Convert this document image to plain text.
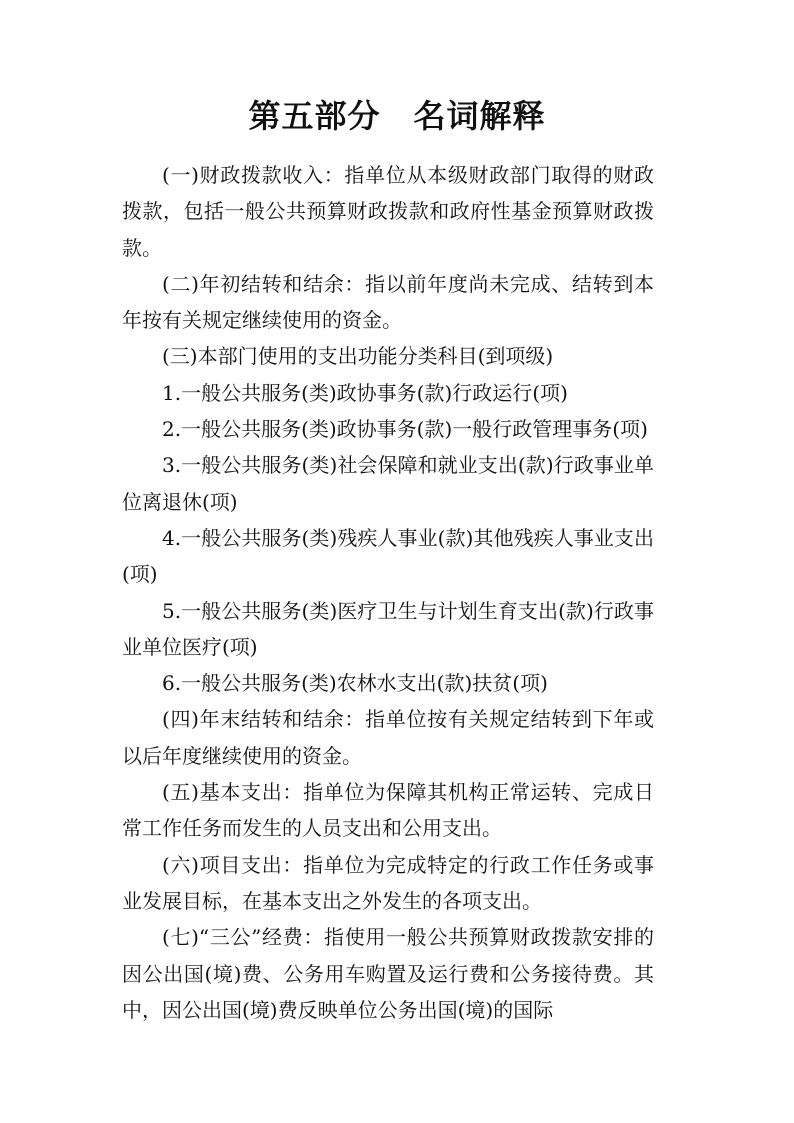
第五部分　名词解释

(一)财政拨款收入：指单位从本级财政部门取得的财政拨款，包括一般公共预算财政拨款和政府性基金预算财政拨款。

(二)年初结转和结余：指以前年度尚未完成、结转到本年按有关规定继续使用的资金。

(三)本部门使用的支出功能分类科目(到项级)

1.一般公共服务(类)政协事务(款)行政运行(项)

2.一般公共服务(类)政协事务(款)一般行政管理事务(项)

3.一般公共服务(类)社会保障和就业支出(款)行政事业单位离退休(项)

4.一般公共服务(类)残疾人事业(款)其他残疾人事业支出(项)

5.一般公共服务(类)医疗卫生与计划生育支出(款)行政事业单位医疗(项)

6.一般公共服务(类)农林水支出(款)扶贫(项)

(四)年末结转和结余：指单位按有关规定结转到下年或以后年度继续使用的资金。

(五)基本支出：指单位为保障其机构正常运转、完成日常工作任务而发生的人员支出和公用支出。

(六)项目支出：指单位为完成特定的行政工作任务或事业发展目标，在基本支出之外发生的各项支出。

(七)“三公”经费：指使用一般公共预算财政拨款安排的因公出国(境)费、公务用车购置及运行费和公务接待费。其中，因公出国(境)费反映单位公务出国(境)的国际
